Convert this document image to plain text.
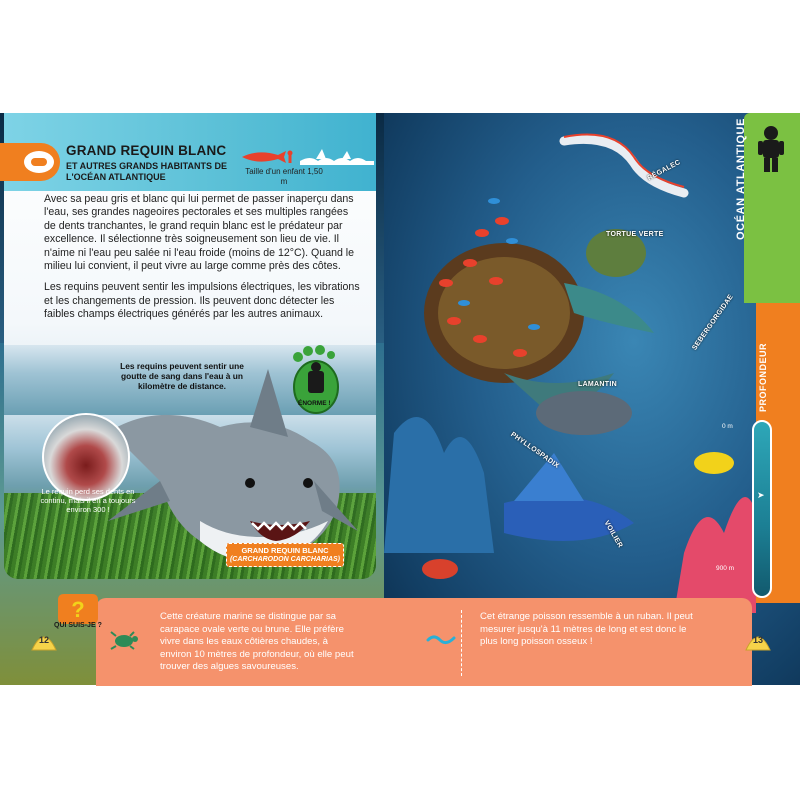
GRAND REQUIN BLANC
ET AUTRES GRANDS HABITANTS DE L'OCÉAN ATLANTIQUE
Taille d'un enfant 1,50 m

Avec sa peau gris et blanc qui lui permet de passer inaperçu dans l'eau, ses grandes nageoires pectorales et ses multiples rangées de dents tranchantes, le grand requin blanc est le prédateur par excellence. Il sélectionne très soigneusement son lieu de vie. Il n'aime ni l'eau peu salée ni l'eau froide (moins de 12°C). Quand le milieu lui convient, il peut vivre au large comme près des côtes.

Les requins peuvent sentir les impulsions électriques, les vibrations et les changements de pression. Ils peuvent donc détecter les faibles champs électriques générés par les autres animaux.

Les requins peuvent sentir une goutte de sang dans l'eau à un kilomètre de distance.
ÉNORME !
Le requin perd ses dents en continu, mais il en a toujours environ 300 !
GRAND REQUIN BLANC
(CARCHARODON CARCHARIAS)
RÉGALEC
TORTUE VERTE
SEBERGORGIDAE
LAMANTIN
PHYLLOSPADIX
VOILIER
OCÉAN ATLANTIQUE
PROFONDEUR
0 m
900 m
➤
?
QUI SUIS-JE ?
Cette créature marine se distingue par sa carapace ovale verte ou brune. Elle préfère vivre dans les eaux côtières chaudes, à environ 10 mètres de profondeur, où elle peut trouver des algues savoureuses.
Cet étrange poisson ressemble à un ruban. Il peut mesurer jusqu'à 11 mètres de long et est donc le plus long poisson osseux !
12	13
